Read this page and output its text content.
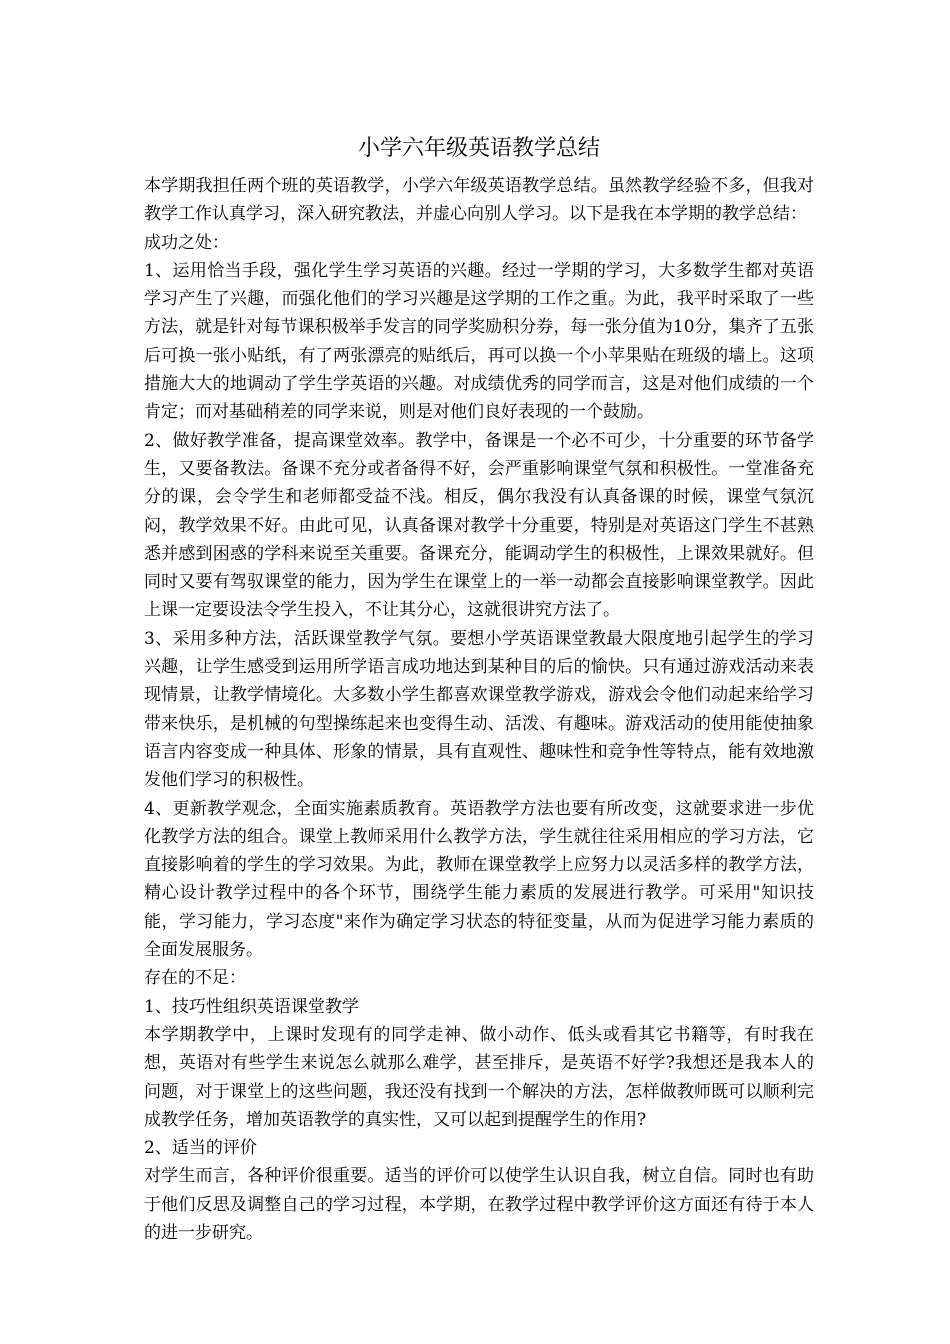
小学六年级英语教学总结

本学期我担任两个班的英语教学，小学六年级英语教学总结。虽然教学经验不多，但我对教学工作认真学习，深入研究教法，并虚心向别人学习。以下是我在本学期的教学总结：

成功之处：

1、运用恰当手段，强化学生学习英语的兴趣。经过一学期的学习，大多数学生都对英语学习产生了兴趣，而强化他们的学习兴趣是这学期的工作之重。为此，我平时采取了一些方法，就是针对每节课积极举手发言的同学奖励积分券，每一张分值为10分，集齐了五张后可换一张小贴纸，有了两张漂亮的贴纸后，再可以换一个小苹果贴在班级的墙上。这项措施大大的地调动了学生学英语的兴趣。对成绩优秀的同学而言，这是对他们成绩的一个肯定；而对基础稍差的同学来说，则是对他们良好表现的一个鼓励。

2、做好教学准备，提高课堂效率。教学中，备课是一个必不可少，十分重要的环节备学生，又要备教法。备课不充分或者备得不好，会严重影响课堂气氛和积极性。一堂准备充分的课，会令学生和老师都受益不浅。相反，偶尔我没有认真备课的时候，课堂气氛沉闷，教学效果不好。由此可见，认真备课对教学十分重要，特别是对英语这门学生不甚熟悉并感到困惑的学科来说至关重要。备课充分，能调动学生的积极性，上课效果就好。但同时又要有驾驭课堂的能力，因为学生在课堂上的一举一动都会直接影响课堂教学。因此上课一定要设法令学生投入，不让其分心，这就很讲究方法了。

3、采用多种方法，活跃课堂教学气氛。要想小学英语课堂教最大限度地引起学生的学习兴趣，让学生感受到运用所学语言成功地达到某种目的后的愉快。只有通过游戏活动来表现情景，让教学情境化。大多数小学生都喜欢课堂教学游戏，游戏会令他们动起来给学习带来快乐，是机械的句型操练起来也变得生动、活泼、有趣味。游戏活动的使用能使抽象语言内容变成一种具体、形象的情景，具有直观性、趣味性和竞争性等特点，能有效地激发他们学习的积极性。

4、更新教学观念，全面实施素质教育。英语教学方法也要有所改变，这就要求进一步优化教学方法的组合。课堂上教师采用什么教学方法，学生就往往采用相应的学习方法，它直接影响着的学生的学习效果。为此，教师在课堂教学上应努力以灵活多样的教学方法，精心设计教学过程中的各个环节，围绕学生能力素质的发展进行教学。可采用"知识技能，学习能力，学习态度"来作为确定学习状态的特征变量，从而为促进学习能力素质的全面发展服务。

存在的不足：

1、技巧性组织英语课堂教学

本学期教学中，上课时发现有的同学走神、做小动作、低头或看其它书籍等，有时我在想，英语对有些学生来说怎么就那么难学，甚至排斥，是英语不好学?我想还是我本人的问题，对于课堂上的这些问题，我还没有找到一个解决的方法，怎样做教师既可以顺利完成教学任务，增加英语教学的真实性，又可以起到提醒学生的作用?

2、适当的评价

对学生而言，各种评价很重要。适当的评价可以使学生认识自我，树立自信。同时也有助于他们反思及调整自己的学习过程，本学期，在教学过程中教学评价这方面还有待于本人的进一步研究。
